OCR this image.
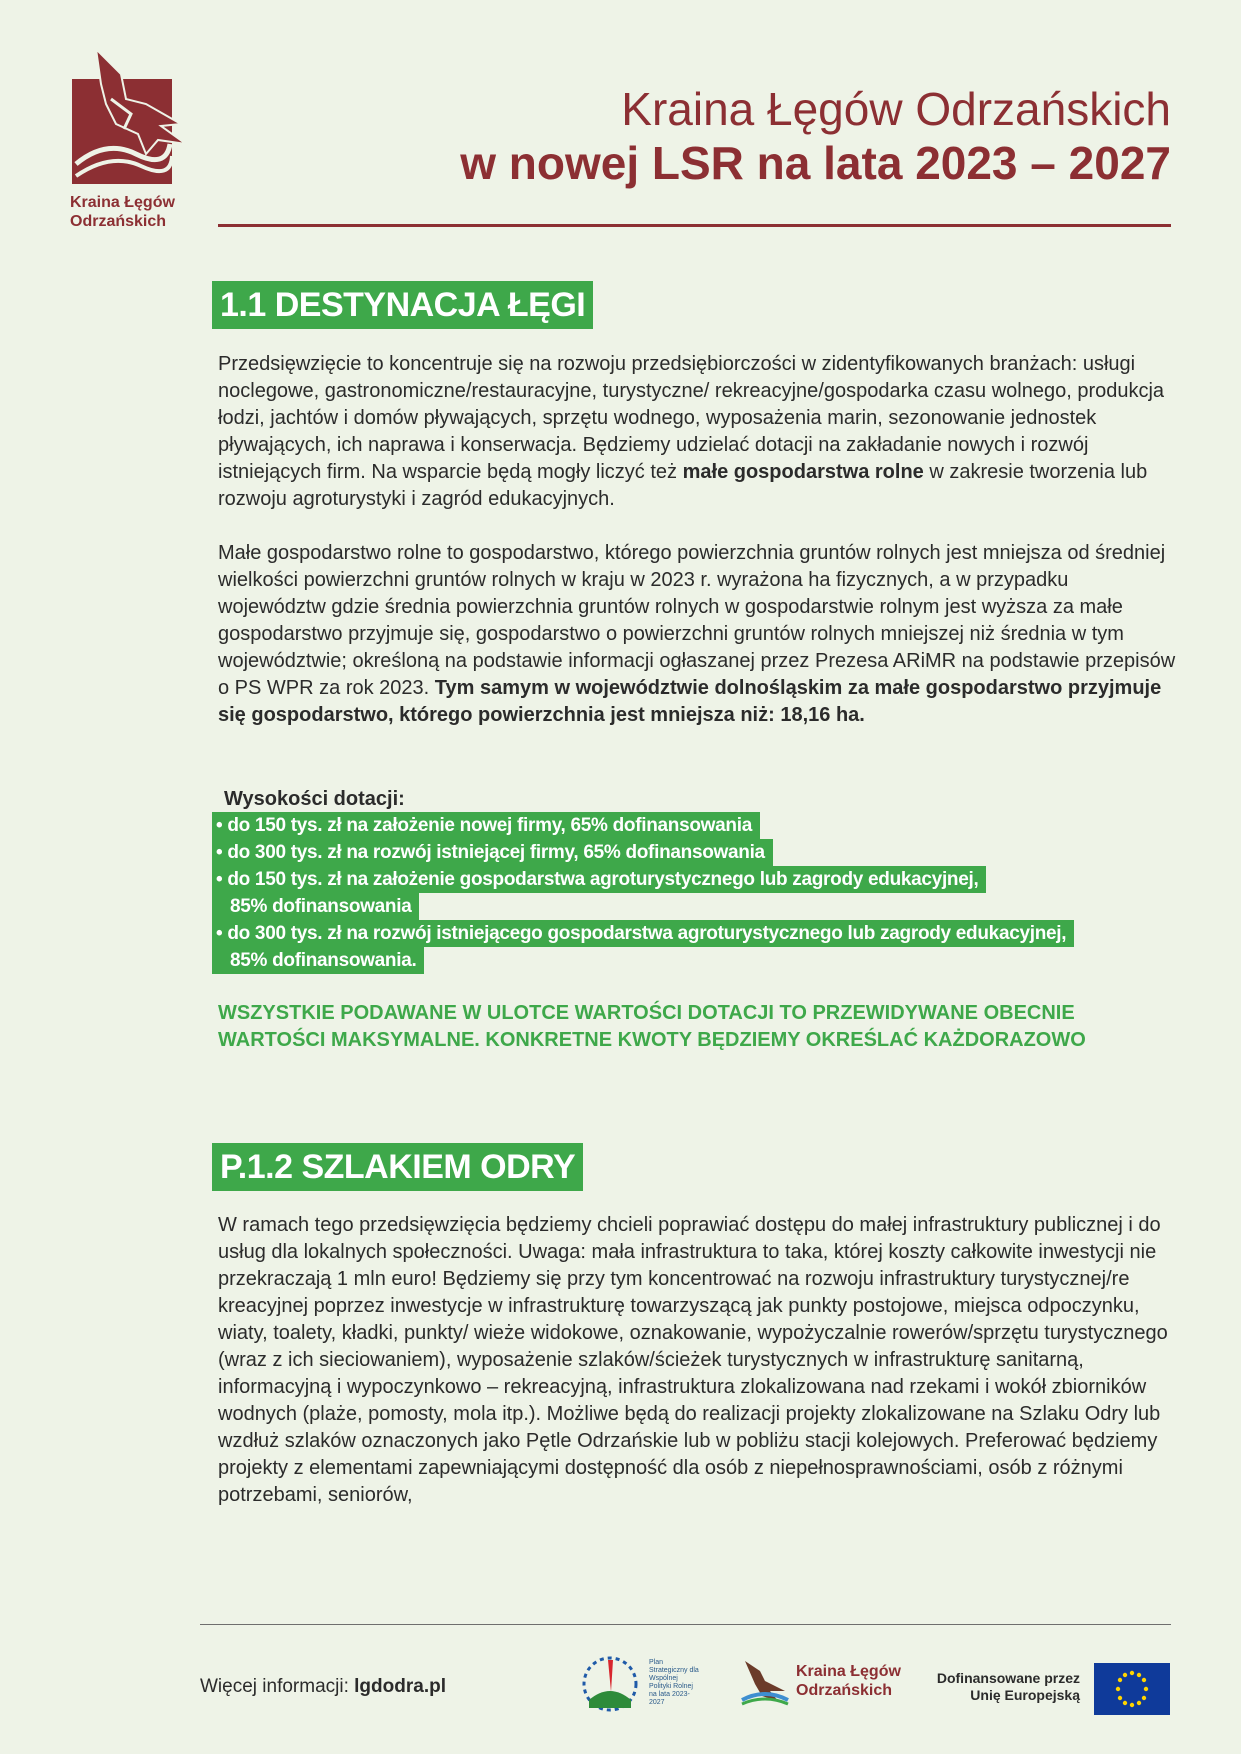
Kraina Łęgów
Odrzańskich
Kraina Łęgów Odrzańskich
w nowej LSR na lata 2023 – 2027
1.1 DESTYNACJA ŁĘGI
Przedsięwzięcie to koncentruje się na rozwoju przedsiębiorczości w zidentyfikowanych branżach: usługi noclegowe, gastronomiczne/restauracyjne, turystyczne/ rekreacyjne/gospodarka czasu wolnego, produkcja łodzi, jachtów i domów pływających, sprzętu wodnego, wyposażenia marin, sezonowanie jednostek pływających, ich naprawa i konserwacja. Będziemy udzielać dotacji na zakładanie nowych i rozwój istniejących firm. Na wsparcie będą mogły liczyć też małe gospodarstwa rolne w zakresie tworzenia lub rozwoju agroturystyki i zagród edukacyjnych.
Małe gospodarstwo rolne to gospodarstwo, którego powierzchnia gruntów rolnych jest mniejsza od średniej wielkości powierzchni gruntów rolnych w kraju w 2023 r. wyrażona ha fizycznych, a w przypadku województw gdzie średnia powierzchnia gruntów rolnych w gospodarstwie rolnym jest wyższa za małe gospodarstwo przyjmuje się, gospodarstwo o powierzchni gruntów rolnych mniejszej niż średnia w tym województwie; określoną na podstawie informacji ogłaszanej przez Prezesa ARiMR na podstawie przepisów o PS WPR za rok 2023. Tym samym w województwie dolnośląskim za małe gospodarstwo przyjmuje się gospodarstwo, którego powierzchnia jest mniejsza niż: 18,16 ha.
Wysokości dotacji:
• do 150 tys. zł na założenie nowej firmy, 65% dofinansowania
• do 300 tys. zł na rozwój istniejącej firmy, 65% dofinansowania
• do 150 tys. zł na założenie gospodarstwa agroturystycznego lub zagrody edukacyjnej,
85% dofinansowania
• do 300 tys. zł na rozwój istniejącego gospodarstwa agroturystycznego lub zagrody edukacyjnej,
85% dofinansowania.
WSZYSTKIE PODAWANE W ULOTCE WARTOŚCI DOTACJI TO PRZEWIDYWANE OBECNIE WARTOŚCI MAKSYMALNE. KONKRETNE KWOTY BĘDZIEMY OKREŚLAĆ KAŻDORAZOWO
P.1.2 SZLAKIEM ODRY
W ramach tego przedsięwzięcia będziemy chcieli poprawiać dostępu do małej infrastruktury publicznej i do usług dla lokalnych społeczności. Uwaga: mała infrastruktura to taka, której koszty całkowite inwestycji nie przekraczają 1 mln euro! Będziemy się przy tym koncentrować na rozwoju infrastruktury turystycznej/re kreacyjnej poprzez inwestycje w infrastrukturę towarzyszącą jak punkty postojowe, miejsca odpoczynku, wiaty, toalety, kładki, punkty/ wieże widokowe, oznakowanie, wypożyczalnie rowerów/sprzętu turystycznego (wraz z ich sieciowaniem), wyposażenie szlaków/ścieżek turystycznych w infrastrukturę sanitarną, informacyjną i wypoczynkowo – rekreacyjną, infrastruktura zlokalizowana nad rzekami i wokół zbiorników wodnych (plaże, pomosty, mola itp.). Możliwe będą do realizacji projekty zlokalizowane na Szlaku Odry lub wzdłuż szlaków oznaczonych jako Pętle Odrzańskie lub w pobliżu stacji kolejowych. Preferować będziemy projekty z elementami zapewniającymi dostępność dla osób z niepełnosprawnościami, osób z różnymi potrzebami, seniorów,
Więcej informacji: lgdodra.pl
Plan Strategiczny dla Wspólnej Polityki Rolnej na lata 2023-2027
Kraina Łęgów
Odrzańskich
Dofinansowane przez
Unię Europejską
